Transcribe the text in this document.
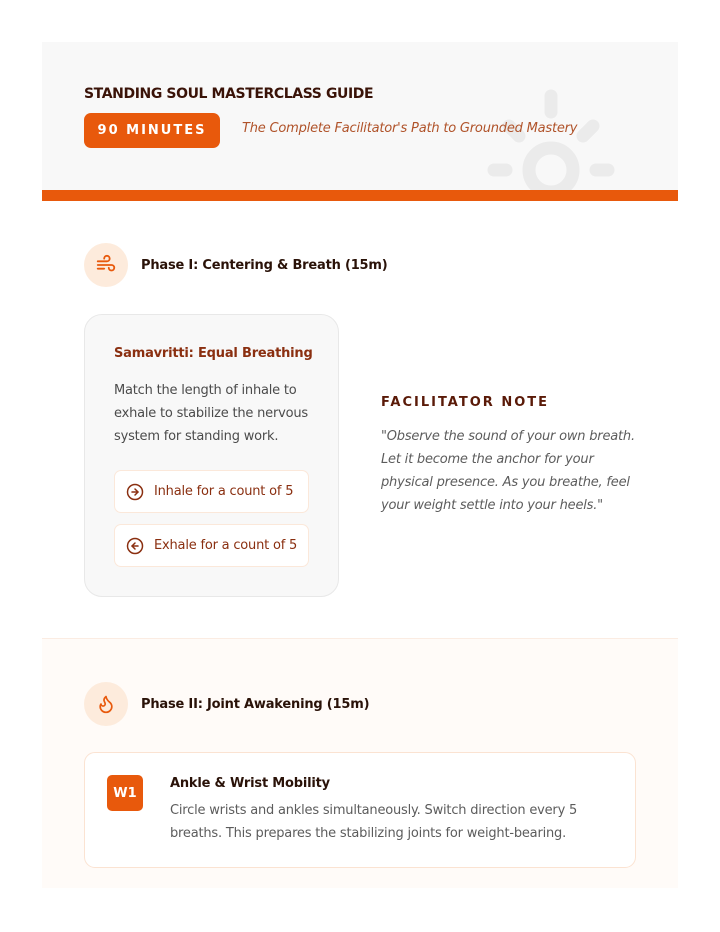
STANDING SOUL MASTERCLASS GUIDE
90 MINUTES	The Complete Facilitator's Path to Grounded Mastery
Phase I: Centering & Breath (15m)
Samavritti: Equal Breathing
Match the length of inhale to exhale to stabilize the nervous system for standing work.
Inhale for a count of 5
Exhale for a count of 5
FACILITATOR NOTE
"Observe the sound of your own breath. Let it become the anchor for your physical presence. As you breathe, feel your weight settle into your heels."
Phase II: Joint Awakening (15m)
W1
Ankle & Wrist Mobility
Circle wrists and ankles simultaneously. Switch direction every 5 breaths. This prepares the stabilizing joints for weight-bearing.
